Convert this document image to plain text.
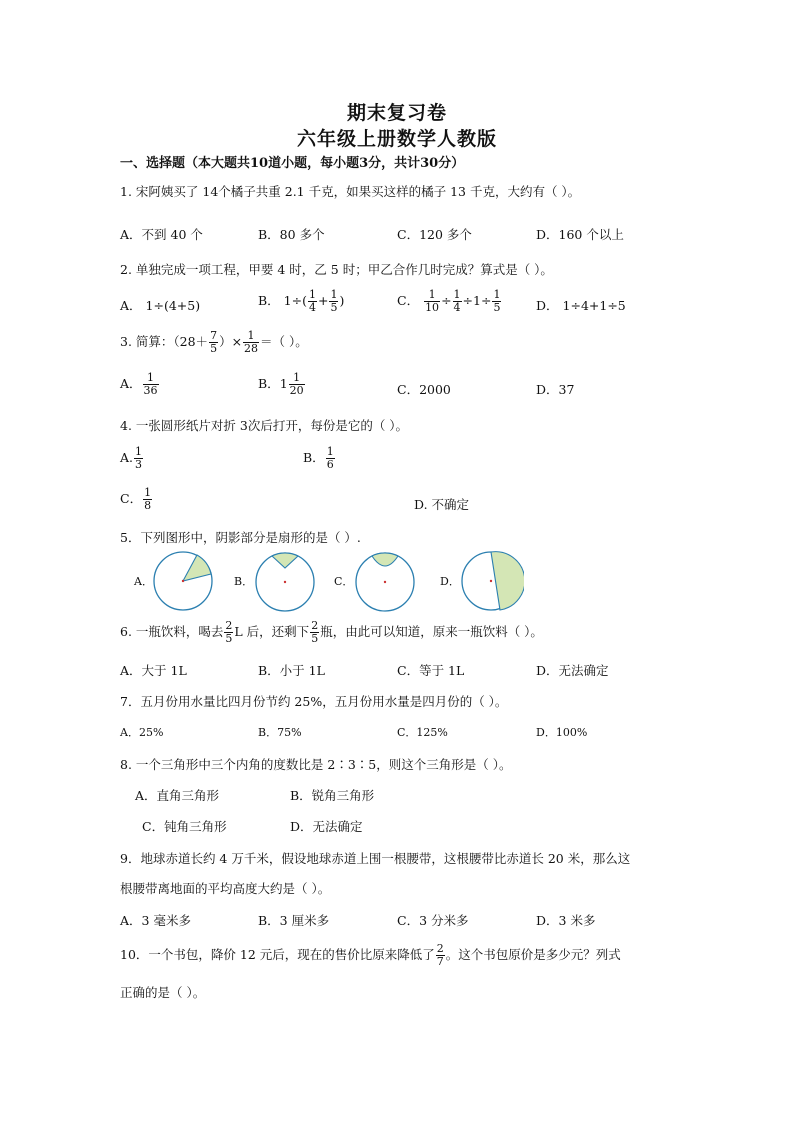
期末复习卷
六年级上册数学人教版
一、选择题（本大题共10道小题，每小题3分，共计30分）
1. 宋阿姨买了 14个橘子共重 2.1 千克，如果买这样的橘子 13 千克，大约有（ ）。
A．不到 40 个	B．80 多个	C．120 多个	D．160 个以上
2. 单独完成一项工程，甲要 4 时，乙 5 时；甲乙合作几时完成？算式是（ ）。
A． 1÷(4+5)	B． $1\div( \frac{1}{4} + \frac{1}{5}$ )	C． $\frac{1}{10} \div \frac{1}{4} \div 1\div \frac{1}{5}$	D． 1÷4+1÷5
3. 简算：（$28+ \frac{7}{5}$ ）× $\frac{1}{28}$ ＝（ ）。
A． $\frac{1}{36}$	B．$1 \frac{1}{20}$	C．2000	D．37
4. 一张圆形纸片对折 3次后打开，每份是它的（ ）。
A. $\frac{1}{3}$	B． $\frac{1}{6}$
C． $\frac{1}{8}$	D. 不确定
5．下列图形中，阴影部分是扇形的是（ ）.
A．	B．	C．	D．
6. 一瓶饮料，喝去 $\frac{2}{5}$ L 后，还剩下 $\frac{2}{5}$ 瓶，由此可以知道，原来一瓶饮料（ ）。
A．大于 1L	B．小于 1L	C．等于 1L	D．无法确定
7．五月份用水量比四月份节约 25%，五月份用水量是四月份的（ ）。
A．25%	B．75%	C．125%	D．100%
8. 一个三角形中三个内角的度数比是 2∶3∶5，则这个三角形是（ ）。
A．直角三角形	B．锐角三角形
C．钝角三角形	D．无法确定
9．地球赤道长约 4 万千米，假设地球赤道上围一根腰带，这根腰带比赤道长 20 米，那么这
根腰带离地面的平均高度大约是（ ）。
A．3 毫米多	B．3 厘米多	C．3 分米多	D．3 米多
10．一个书包，降价 12 元后，现在的售价比原来降低了 $\frac{2}{7}$ 。这个书包原价是多少元？列式
正确的是（ ）。
